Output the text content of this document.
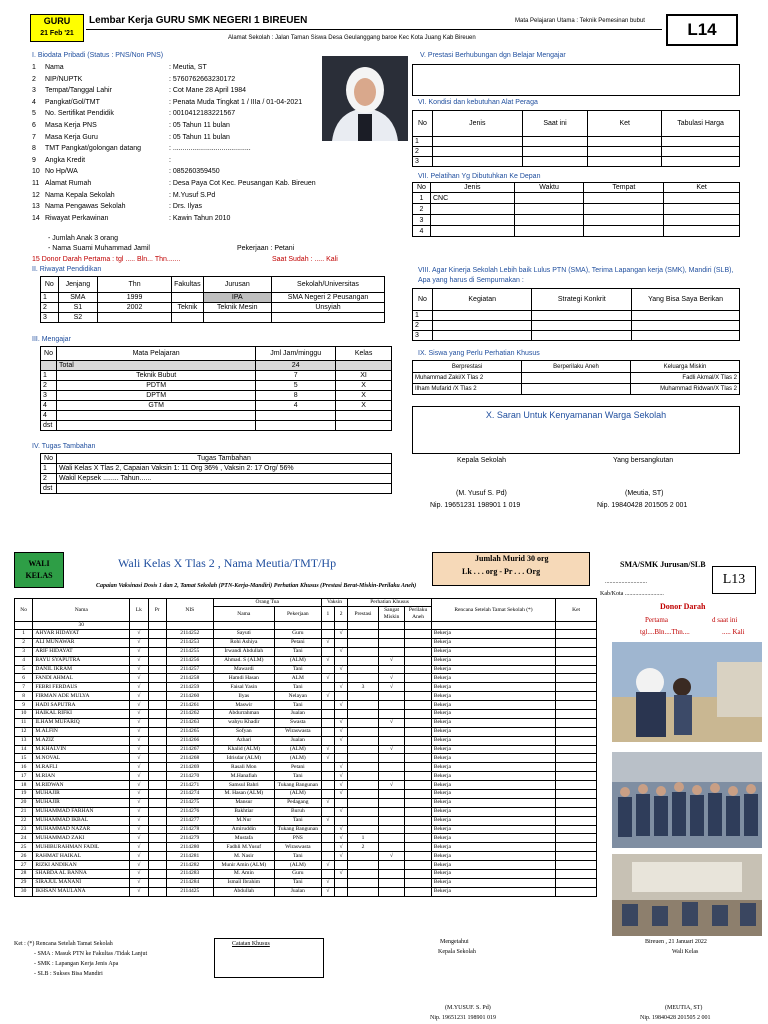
GURU
21 Feb '21
Lembar Kerja GURU SMK NEGERI 1 BIREUEN	Mata Pelajaran Utama : Teknik Pemesinan bubut
Alamat Sekolah : Jalan Taman Siswa Desa Geulanggang baroe Kec Kota Juang Kab Bireuen	L14
I. Biodata Pribadi (Status : PNS/Non PNS)
1	Nama	: Meutia, ST
2	NIP/NUPTK	: 5760762663230172
3	Tempat/Tanggal Lahir	: Cot Mane 28 April 1984
4	Pangkat/Gol/TMT	: Penata Muda Tingkat 1 / IIIa / 01-04-2021
5	No. Sertifikat Pendidik	: 0010412183221567
6	Masa Kerja PNS	: 05 Tahun 11 bulan
7	Masa Kerja Guru	: 05 Tahun 11 bulan
8	TMT Pangkat/golongan datang	: ........................................
9	Angka Kredit	:
10 No Hp/WA	: 085260359450
11 Alamat Rumah	: Desa Paya Cot Kec. Peusangan Kab. Bireuen
12 Nama Kepala Sekolah	: M.Yusuf S.Pd
13 Nama Pengawas Sekolah	: Drs. Ilyas
14 Riwayat Perkawinan	: Kawin Tahun 2010
- Jumlah Anak 3 orang
- Nama Suami Muhammad Jamil	Pekerjaan : Petani
15 Donor Darah Pertama : tgl ..... Bln... Thn.......	Saat Sudah : ..... Kali
II. Riwayat Pendidikan
No	Jenjang	Thn	Fakultas	Jurusan	Sekolah/Universitas
1	SMA	1999		IPA	SMA Negeri 2 Peusangan
2	S1	2002	Teknik	Teknik Mesin	Unsyiah
3	S2				
III. Mengajar
No	Mata Pelajaran	Jml Jam/minggu	Kelas
	Total	24	
1	Teknik Bubut	7	XI
2	PDTM	5	X
3	DPTM	8	X
4	GTM	4	X
4			
dst			
IV. Tugas Tambahan
No	Tugas Tambahan
1	Wali Kelas X Tlas 2, Capaian Vaksin 1: 11 Org 36% , Vaksin 2: 17 Org/ 56%
2	Wakil Kepsek ........ Tahun......
dst	
V. Prestasi Berhubungan dgn Belajar Mengajar
VI. Kondisi dan kebutuhan Alat Peraga
No	Jenis	Saat ini	Ket	Tabulasi Harga
1				
2				
3				
VII. Pelatihan Yg Dibutuhkan Ke Depan
No	Jenis	Waktu	Tempat	Ket
1	CNC			
2				
3				
4				
VIII. Agar Kinerja Sekolah Lebih baik Lulus PTN (SMA), Terima Lapangan kerja (SMK), Mandiri (SLB), Apa yang harus di Sempurnakan :
No	Kegiatan	Strategi Konkrit	Yang Bisa Saya Berikan
1			
2			
3			
IX. Siswa yang Perlu Perhatian Khusus
Berprestasi	Berperilaku Aneh	Keluarga Miskin
Muhammad Zaki/X Tlas 2		Fadli Akmal/X Tlas 2
Ilham Mufarid /X Tlas 2		Muhammad Ridwan/X Tlas 2
X. Saran Untuk Kenyamanan Warga Sekolah
Kepala Sekolah	Yang bersangkutan
(M. Yusuf S. Pd)	(Meutia, ST)
Nip. 19651231 198901 1 019	Nip. 19840428 201505 2 001
WALI
KELAS
Wali Kelas X Tlas 2 , Nama Meutia/TMT/Hp	Jumlah Murid 30 org
Lk . . . org - Pr . . . Org
SMA/SMK Jurusan/SLB
............................
Kab/Kota ..........................
L13
Capaian Vaksinasi Dosis 1 dan 2, Tamat Sekolah (PTN-Kerja-Mandiri) Perhatian Khusus (Prestasi Berat-Miskin-Perilaku Aneh)
No	Nama	Lk	Pr	NIS	Orang Tua		Vaksin		Perhatian Khusus			Rencana Setelah Tamat Sekolah (*)	Ket
					Nama	Pekerjaan	1	2	Prestasi	Sangat Miskin	Perilaku Aneh		

	30												
1	AHYAR HIDAYAT	√		2114252	Sayuti	Guru		√				Bekerja	
2	ALI MUNAWAR	√		2114253	Rohi Ashiya	Petani	√					Bekerja	
3	ARIF HIDAYAT	√		2114255	Irwandi Abdullah	Tani		√				Bekerja	
4	BAYU SYAPUTRA	√		2114256	Ahmad. S (ALM)	(ALM)	√			√		Bekerja	
5	DANIL IKRAM	√		2114257	Mawardi	Tani		√				Bekerja	
6	FANDI AHMAL	√		2114258	Hamdi Hasan	ALM	√			√		Bekerja	
7	FEBRI FERDAUS	√		2114259	Faisal Yasin	Tani		√	3	√		Bekerja	
8	FIRMAN ADE MULYA	√		2114260	Ilyas	Nelayan	√					Bekerja	
9	HADI SAPUTRA	√		2114261	Maswir	Tani		√				Bekerja	
10	HAIKAL RIFKI	√		2114262	Abdurrahman	Jualan						Bekerja	
11	ILHAM MUFARIQ	√		2114263	wahyu Khadir	Swasta		√		√		Bekerja	
12	M.ALFIN	√		2114265	Sofyan	Wiraswasta		√				Bekerja	
13	M.AZIZ	√		2114266	Azhari	Jualan		√				Bekerja	
14	M.KHALVIN	√		2114267	Khalid (ALM)	(ALM)	√			√		Bekerja	
15	M.NOVAL	√		2114268	Idrisdar (ALM)	(ALM)	√					Bekerja	
16	M.RAFLI	√		2114269	Rasali Mon	Petani		√				Bekerja	
17	M.RIAN	√		2114270	M.Hanafiah	Tani		√				Bekerja	
18	M.RIDWAN	√		2114271	Samsul Bahri	Tukang Bangunan		√		√		Bekerja	
19	MUHAJIR	√		2114274	M. Hasan (ALM)	(ALM)		√				Bekerja	
20	MUHAJIR	√		2114275	Mansur	Pedagang	√					Bekerja	
21	MUHAMMAD FARHAN	√		2114276	Bakhtiar	Buruh		√				Bekerja	
22	MUHAMMAD IKBAL	√		2114277	M.Nur	Tani	√					Bekerja	
23	MUHAMMAD NAZAR	√		2114278	Amiruddin	Tukang Bangunan		√				Bekerja	
24	MUHAMMAD ZAKI	√		2114279	Mustafa	PNS		√	1			Bekerja	
25	MUHIBURAHMAN FADIL	√		2114280	Fadhli M.Yusuf	Wiraswasta		√	2			Bekerja	
26	RAHMAT HAIKAL	√		2114281	M. Nasir	Tani		√		√		Bekerja	
27	RIZKI ANDIKAN	√		2114282	Munir Amin (ALM)	(ALM)	√					Bekerja	
28	SHABDA AL BANNA	√		2114283	M. Amin	Guru		√				Bekerja	
29	SIRAJUL MANANI	√		2114284	Ismail Ibrahim	Tani	√					Bekerja	
30	IKHSAN MAULANA	√		2114425	Abdullah	Jualan	√					Bekerja	
Donor Darah
Pertama	d saat ini
tgl....Bln....Thn....	..... Kali
Ket : (*) Rencana Setelah Tamat Sekolah
- SMA : Masuk PTN ke Fakultas /Tidak Lanjut
- SMK : Lapangan Kerja Jenis Apa
- SLB : Sukses Bisa Mandiri
Catatan Khusus	Mengetahui
Kepala Sekolah
Bireuen , 21 Januari 2022
Wali Kelas
(M.YUSUF. S. Pd)
Nip. 19651231 198901 019
(MEUTIA, ST)
Nip. 19840428 201505 2 001
